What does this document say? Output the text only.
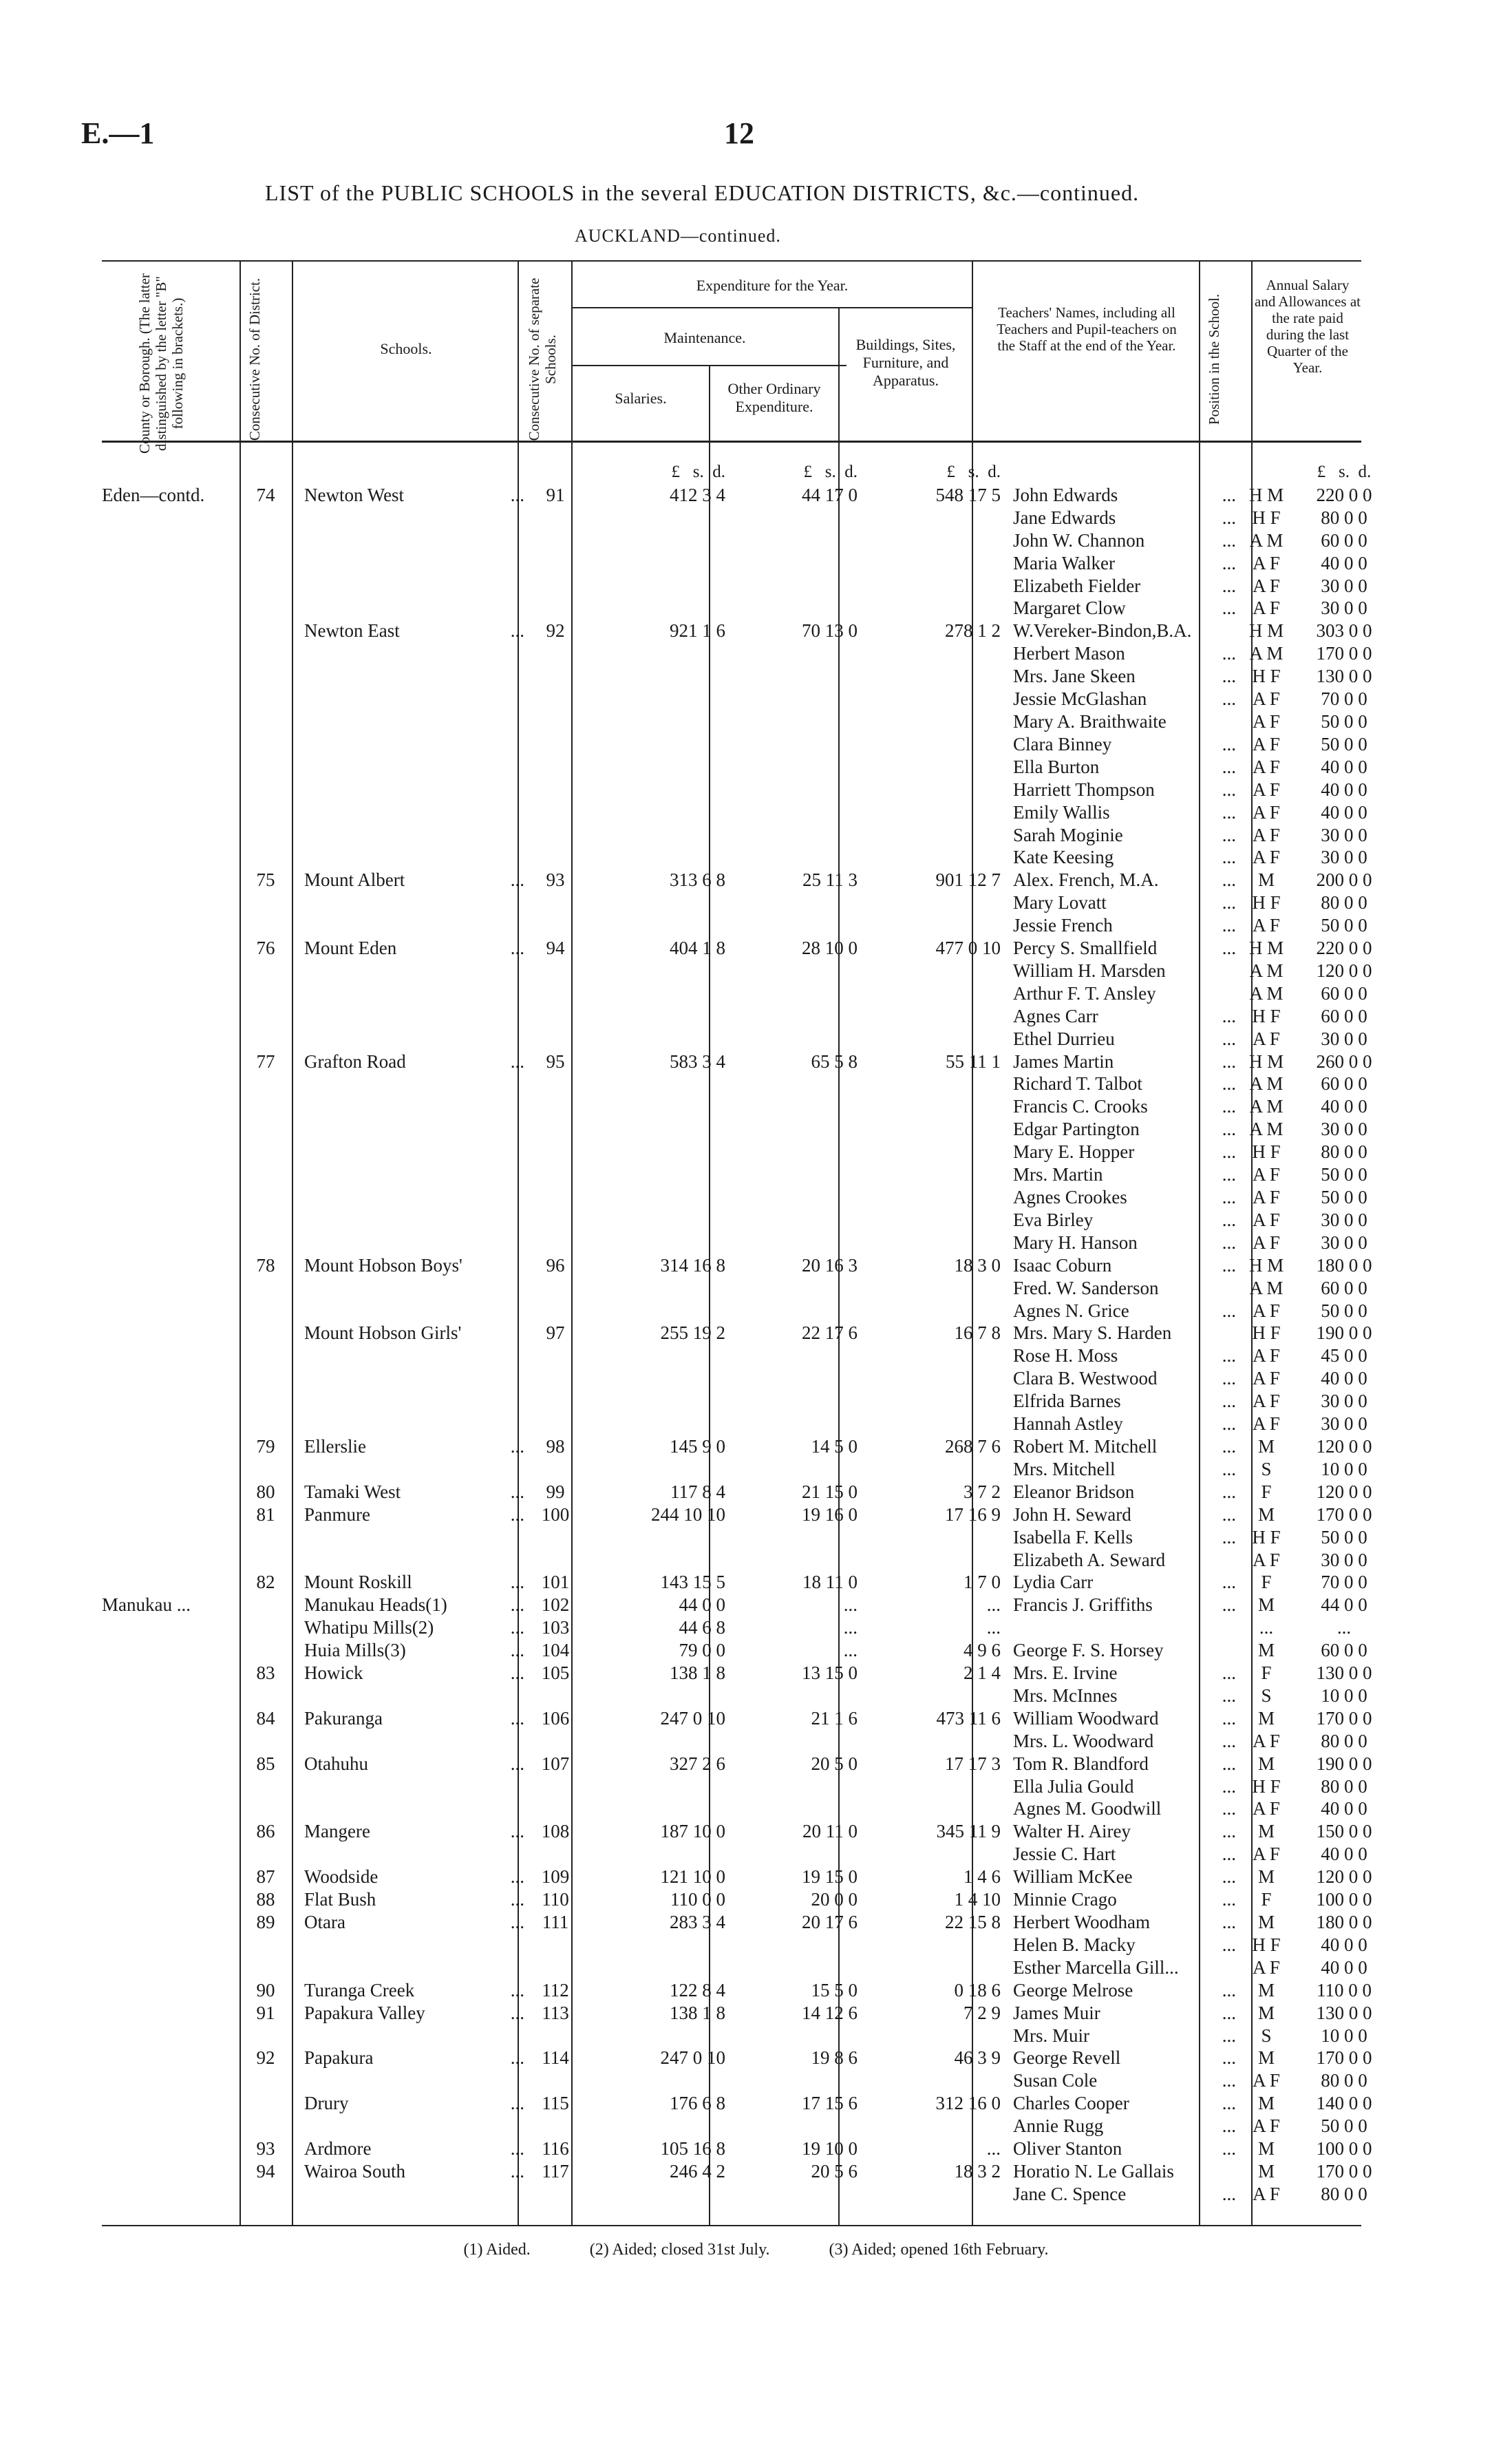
E.—1	12
LIST of the PUBLIC SCHOOLS in the several EDUCATION DISTRICTS, &c.—continued.
AUCKLAND—continued.
County or Borough. (The latter distinguished by the letter "B" following in brackets.)	Consecutive No. of District.	Schools.	Consecutive No. of separate Schools.
Expenditure for the Year.
Maintenance.
Salaries.
Other Ordinary Expenditure.
Buildings, Sites, Furniture, and Apparatus.
Teachers' Names, including all Teachers and Pupil-teachers on the Staff at the end of the Year.	Position in the School.
Annual Salary and Allowances at the rate paid during the last Quarter of the Year.
				£ s. d.	£ s. d.	£ s. d.			£ s. d.
Eden—contd.	74	Newton West ...	91	412 3 4	44 17 0	548 17 5	John Edwards ...	H M	220 0 0
							Jane Edwards ...	H F	80 0 0
							John W. Channon ...	A M	60 0 0
							Maria Walker ...	A F	40 0 0
							Elizabeth Fielder ...	A F	30 0 0
							Margaret Clow ...	A F	30 0 0
		Newton East ...	92	921 1 6	70 13 0	278 1 2	W.Vereker-Bindon,B.A.	H M	303 0 0
							Herbert Mason ...	A M	170 0 0
							Mrs. Jane Skeen ...	H F	130 0 0
							Jessie McGlashan ...	A F	70 0 0
							Mary A. Braithwaite	A F	50 0 0
							Clara Binney ...	A F	50 0 0
							Ella Burton ...	A F	40 0 0
							Harriett Thompson ...	A F	40 0 0
							Emily Wallis ...	A F	40 0 0
							Sarah Moginie ...	A F	30 0 0
							Kate Keesing ...	A F	30 0 0
	75	Mount Albert ...	93	313 6 8	25 11 3	901 12 7	Alex. French, M.A. ...	M	200 0 0
							Mary Lovatt ...	H F	80 0 0
							Jessie French ...	A F	50 0 0
	76	Mount Eden ...	94	404 1 8	28 10 0	477 0 10	Percy S. Smallfield ...	H M	220 0 0
							William H. Marsden	A M	120 0 0
							Arthur F. T. Ansley	A M	60 0 0
							Agnes Carr ...	H F	60 0 0
							Ethel Durrieu ...	A F	30 0 0
	77	Grafton Road ...	95	583 3 4	65 5 8	55 11 1	James Martin ...	H M	260 0 0
							Richard T. Talbot ...	A M	60 0 0
							Francis C. Crooks ...	A M	40 0 0
							Edgar Partington ...	A M	30 0 0
							Mary E. Hopper ...	H F	80 0 0
							Mrs. Martin ...	A F	50 0 0
							Agnes Crookes ...	A F	50 0 0
							Eva Birley ...	A F	30 0 0
							Mary H. Hanson ...	A F	30 0 0
	78	Mount Hobson Boys'	96	314 16 8	20 16 3	18 3 0	Isaac Coburn ...	H M	180 0 0
							Fred. W. Sanderson	A M	60 0 0
							Agnes N. Grice ...	A F	50 0 0
		Mount Hobson Girls'	97	255 19 2	22 17 6	16 7 8	Mrs. Mary S. Harden	H F	190 0 0
							Rose H. Moss ...	A F	45 0 0
							Clara B. Westwood ...	A F	40 0 0
							Elfrida Barnes ...	A F	30 0 0
							Hannah Astley ...	A F	30 0 0
	79	Ellerslie ...	98	145 9 0	14 5 0	268 7 6	Robert M. Mitchell ...	M	120 0 0
							Mrs. Mitchell ...	S	10 0 0
	80	Tamaki West ...	99	117 8 4	21 15 0	3 7 2	Eleanor Bridson ...	F	120 0 0
	81	Panmure ...	100	244 10 10	19 16 0	17 16 9	John H. Seward ...	M	170 0 0
							Isabella F. Kells ...	H F	50 0 0
							Elizabeth A. Seward	A F	30 0 0
	82	Mount Roskill ...	101	143 15 5	18 11 0	1 7 0	Lydia Carr ...	F	70 0 0
Manukau ...		Manukau Heads(1) ...	102	44 0 0	...	...	Francis J. Griffiths ...	M	44 0 0
		Whatipu Mills(2) ...	103	44 6 8	...	...		...	...
		Huia Mills(3) ...	104	79 0 0	...	4 9 6	George F. S. Horsey	M	60 0 0
	83	Howick ...	105	138 1 8	13 15 0	2 1 4	Mrs. E. Irvine ...	F	130 0 0
							Mrs. McInnes ...	S	10 0 0
	84	Pakuranga ...	106	247 0 10	21 1 6	473 11 6	William Woodward ...	M	170 0 0
							Mrs. L. Woodward ...	A F	80 0 0
	85	Otahuhu ...	107	327 2 6	20 5 0	17 17 3	Tom R. Blandford ...	M	190 0 0
							Ella Julia Gould ...	H F	80 0 0
							Agnes M. Goodwill ...	A F	40 0 0
	86	Mangere ...	108	187 10 0	20 11 0	345 11 9	Walter H. Airey ...	M	150 0 0
							Jessie C. Hart ...	A F	40 0 0
	87	Woodside ...	109	121 10 0	19 15 0	1 4 6	William McKee ...	M	120 0 0
	88	Flat Bush ...	110	110 0 0	20 0 0	1 4 10	Minnie Crago ...	F	100 0 0
	89	Otara ...	111	283 3 4	20 17 6	22 15 8	Herbert Woodham ...	M	180 0 0
							Helen B. Macky ...	H F	40 0 0
							Esther Marcella Gill...	A F	40 0 0
	90	Turanga Creek ...	112	122 8 4	15 5 0	0 18 6	George Melrose ...	M	110 0 0
	91	Papakura Valley ...	113	138 1 8	14 12 6	7 2 9	James Muir ...	M	130 0 0
							Mrs. Muir ...	S	10 0 0
	92	Papakura ...	114	247 0 10	19 8 6	46 3 9	George Revell ...	M	170 0 0
							Susan Cole ...	A F	80 0 0
		Drury ...	115	176 6 8	17 15 6	312 16 0	Charles Cooper ...	M	140 0 0
							Annie Rugg ...	A F	50 0 0
	93	Ardmore ...	116	105 16 8	19 10 0	...	Oliver Stanton ...	M	100 0 0
	94	Wairoa South ...	117	246 4 2	20 5 6	18 3 2	Horatio N. Le Gallais	M	170 0 0
							Jane C. Spence ...	A F	80 0 0
(1) Aided.	(2) Aided; closed 31st July.	(3) Aided; opened 16th February.
